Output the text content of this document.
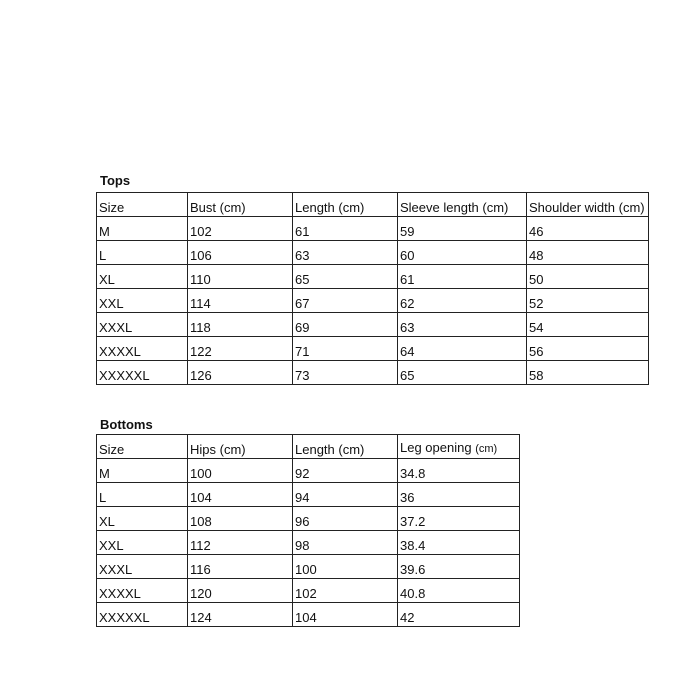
Tops
Size	Bust (cm)	Length (cm)	Sleeve length (cm)	Shoulder width (cm)
M	102	61	59	46
L	106	63	60	48
XL	110	65	61	50
XXL	114	67	62	52
XXXL	118	69	63	54
XXXXL	122	71	64	56
XXXXXL	126	73	65	58
Bottoms
Size	Hips (cm)	Length (cm)	Leg opening (cm)
M	100	92	34.8
L	104	94	36
XL	108	96	37.2
XXL	112	98	38.4
XXXL	116	100	39.6
XXXXL	120	102	40.8
XXXXXL	124	104	42
